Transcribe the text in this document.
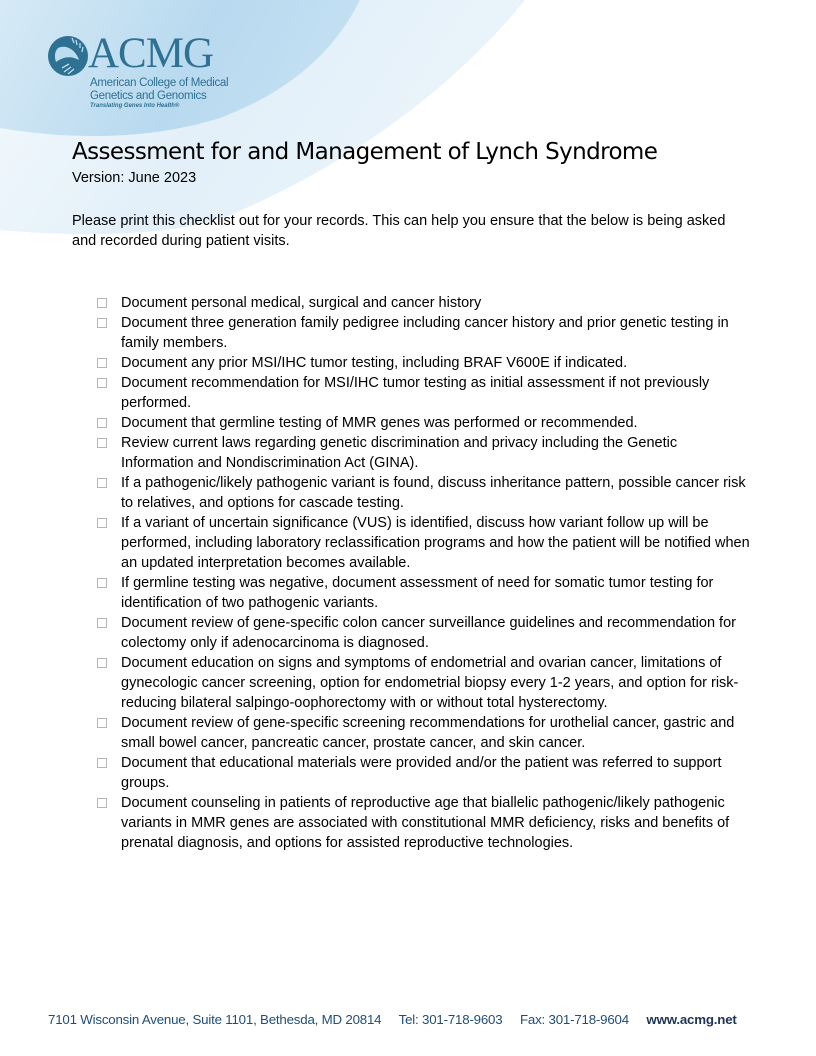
ACMG
American College of Medical
Genetics and Genomics
Translating Genes Into Health®
Assessment for and Management of Lynch Syndrome
Version: June 2023
Please print this checklist out for your records. This can help you ensure that the below is being asked and recorded during patient visits.
Document personal medical, surgical and cancer history
Document three generation family pedigree including cancer history and prior genetic testing in family members.
Document any prior MSI/IHC tumor testing, including BRAF V600E if indicated.
Document recommendation for MSI/IHC tumor testing as initial assessment if not previously performed.
Document that germline testing of MMR genes was performed or recommended.
Review current laws regarding genetic discrimination and privacy including the Genetic Information and Nondiscrimination Act (GINA).
If a pathogenic/likely pathogenic variant is found, discuss inheritance pattern, possible cancer risk to relatives, and options for cascade testing.
If a variant of uncertain significance (VUS) is identified, discuss how variant follow up will be performed, including laboratory reclassification programs and how the patient will be notified when an updated interpretation becomes available.
If germline testing was negative, document assessment of need for somatic tumor testing for identification of two pathogenic variants.
Document review of gene-specific colon cancer surveillance guidelines and recommendation for colectomy only if adenocarcinoma is diagnosed.
Document education on signs and symptoms of endometrial and ovarian cancer, limitations of gynecologic cancer screening, option for endometrial biopsy every 1-2 years, and option for risk-reducing bilateral salpingo-oophorectomy with or without total hysterectomy.
Document review of gene-specific screening recommendations for urothelial cancer, gastric and small bowel cancer, pancreatic cancer, prostate cancer, and skin cancer.
Document that educational materials were provided and/or the patient was referred to support groups.
Document counseling in patients of reproductive age that biallelic pathogenic/likely pathogenic variants in MMR genes are associated with constitutional MMR deficiency, risks and benefits of prenatal diagnosis, and options for assisted reproductive technologies.
7101 Wisconsin Avenue, Suite 1101, Bethesda, MD 20814 Tel: 301-718-9603 Fax: 301-718-9604 www.acmg.net
